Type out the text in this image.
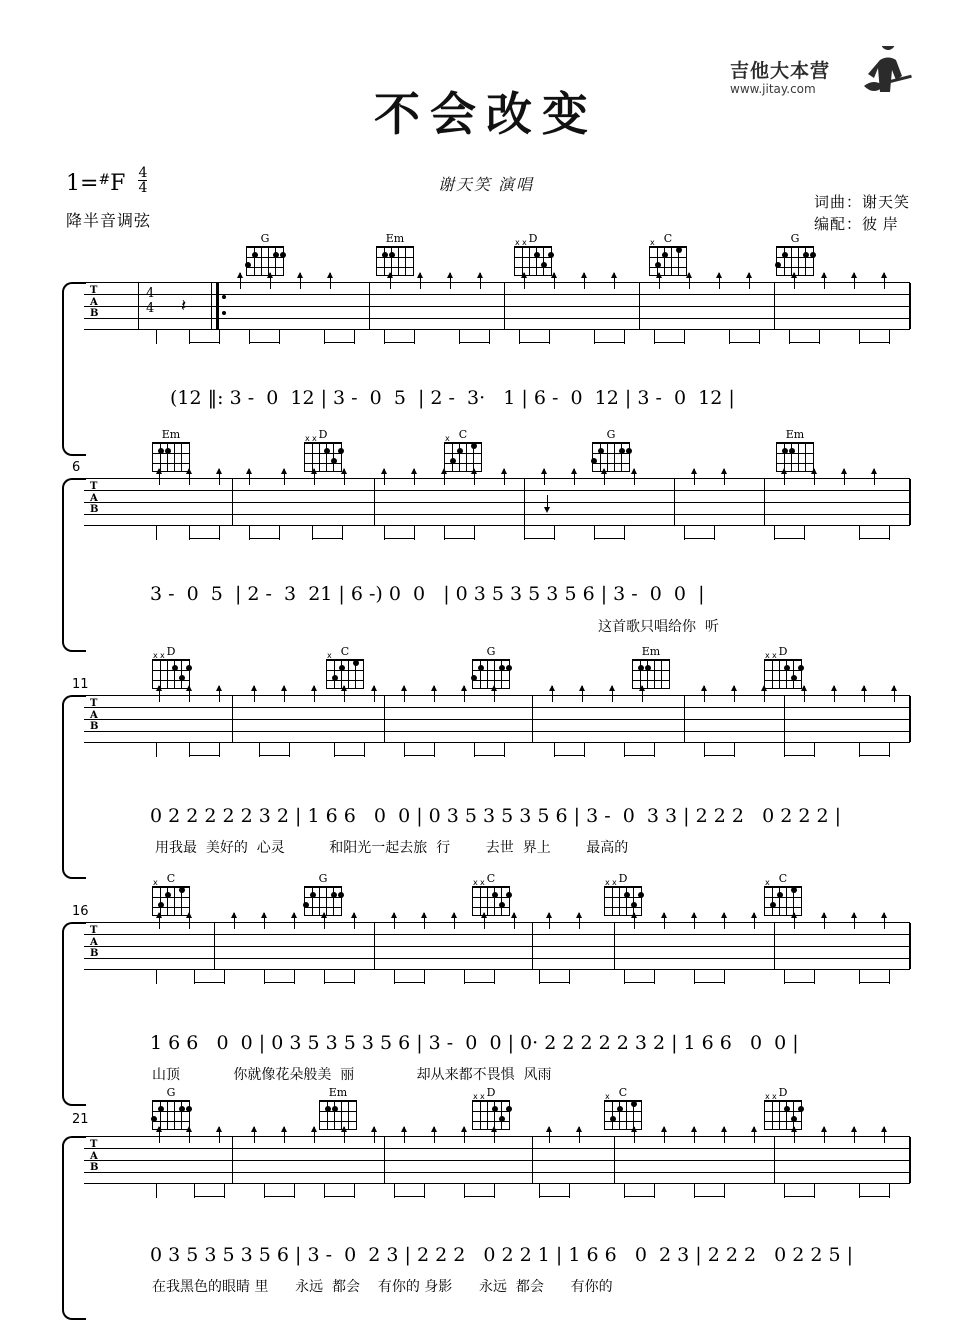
不会改变
谢天笑 演唱
$1=^{\#}F \frac{4}{4}$
降半音调弦
词曲：谢天笑
编配：彼 岸
吉他大本营
www.jitay.com
G	Em	D
x x	C
x	G
T
A
B
4
4 𝄽
(12 ‖: 3 -  0  12 | 3 -  0  5  | 2 -  3·   1 | 6 -  0  12 | 3 -  0  12 |
6
Em	D
x x	C
x	G	Em
T
A
B
3 -  0  5  | 2 -  3  21 | 6 -) 0  0   | 0 3 5 3 5 3 5 6 | 3 -  0  0  |
这首歌只唱给你  听
11
D
x x	C
x	G	Em	D
x x
T
A
B
0 2 2 2 2 2 3 2 | 1 6 6   0  0 | 0 3 5 3 5 3 5 6 | 3 -  0  3 3 | 2 2 2   0 2 2 2 |
用我最  美好的  心灵          和阳光一起去旅  行        去世  界上        最高的
16
C
x	G	C
x x	D
x x	C
x
T
A
B
1 6 6   0  0 | 0 3 5 3 5 3 5 6 | 3 -  0  0 | 0· 2 2 2 2 2 3 2 | 1 6 6   0  0 |
山顶            你就像花朵般美  丽              却从来都不畏惧  风雨
21
G	Em	D
x x	C
x	D
x x
T
A
B
0 3 5 3 5 3 5 6 | 3 -  0  2 3 | 2 2 2   0 2 2 1 | 1 6 6   0  2 3 | 2 2 2   0 2 2 5 |
在我黑色的眼睛 里      永远  都会    有你的 身影      永远  都会      有你的
